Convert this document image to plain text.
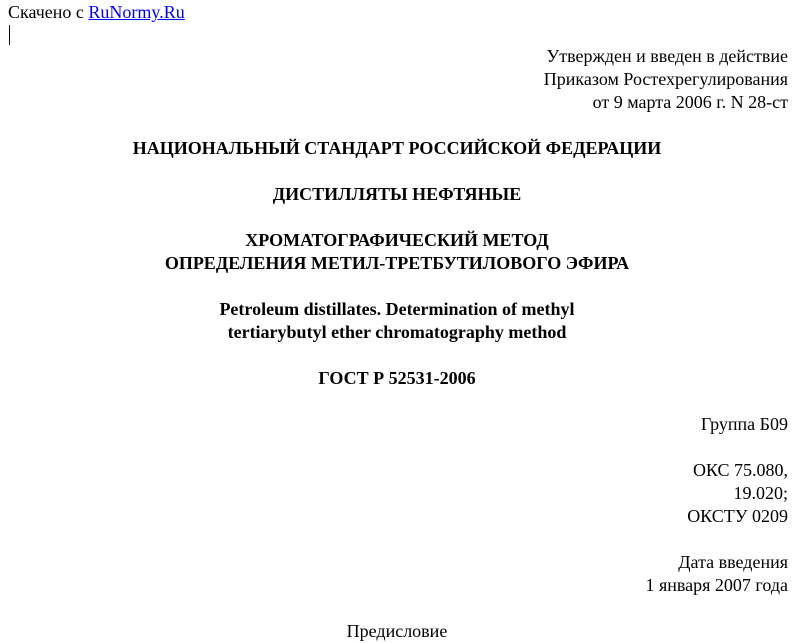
Скачено с RuNormy.Ru
Утвержден и введен в действие
Приказом Ростехрегулирования
от 9 марта 2006 г. N 28-ст
НАЦИОНАЛЬНЫЙ СТАНДАРТ РОССИЙСКОЙ ФЕДЕРАЦИИ
ДИСТИЛЛЯТЫ НЕФТЯНЫЕ
ХРОМАТОГРАФИЧЕСКИЙ МЕТОД
ОПРЕДЕЛЕНИЯ МЕТИЛ-ТРЕТБУТИЛОВОГО ЭФИРА
Petroleum distillates. Determination of methyl
tertiarybutyl ether chromatography method
ГОСТ Р 52531-2006
Группа Б09
ОКС 75.080,
19.020;
ОКСТУ 0209
Дата введения
1 января 2007 года
Предисловие
